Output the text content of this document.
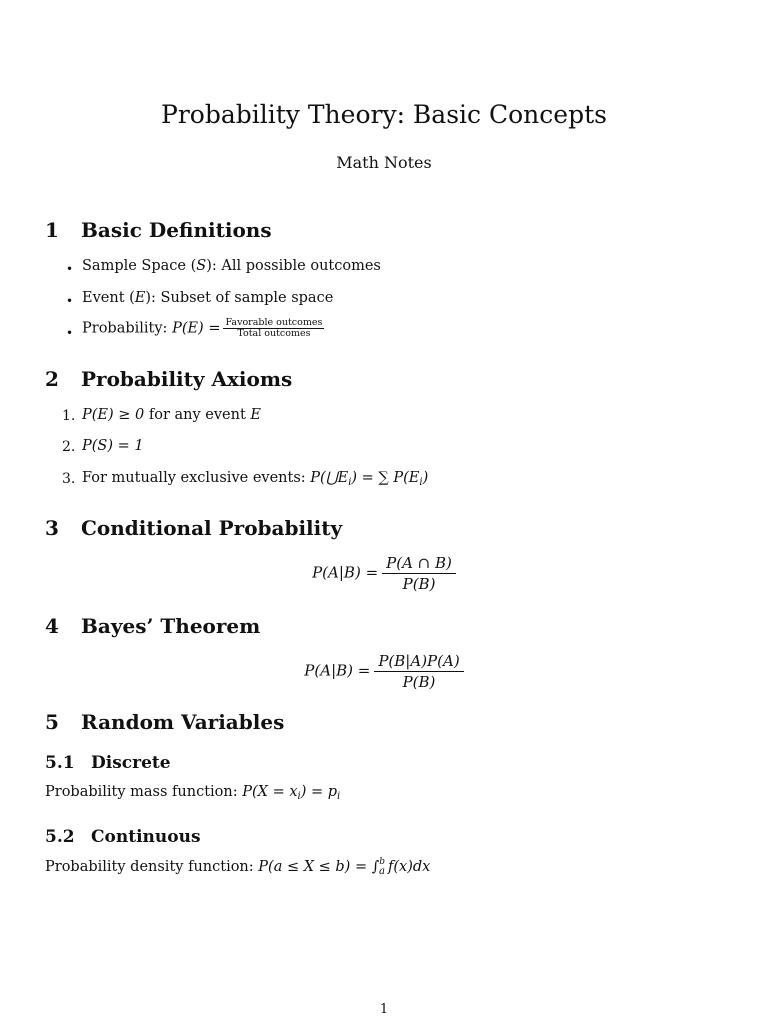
Probability Theory: Basic Concepts
Math Notes
1 Basic Definitions
• Sample Space (S): All possible outcomes
• Event (E): Subset of sample space
• Probability: $P(E) = \frac{\text{Favorable outcomes}}{\text{Total outcomes}}$
2 Probability Axioms
1. P(E) ≥ 0 for any event E
2. P(S) = 1
3. For mutually exclusive events: $P(⋃E_i)$ = ∑ $P(E_i)$
3 Conditional Probability
$P(A|B) = \frac{P(A \cap B)}{P(B)}$
4 Bayes’ Theorem
$P(A|B) = \frac{P(B|A)P(A)}{P(B)}$
5 Random Variables
5.1 Discrete
Probability mass function: $P(X = x_i) = p_i$
5.2 Continuous
Probability density function: P(a ≤ X ≤ b) = ∫$^b_a$ f(x)dx
1
